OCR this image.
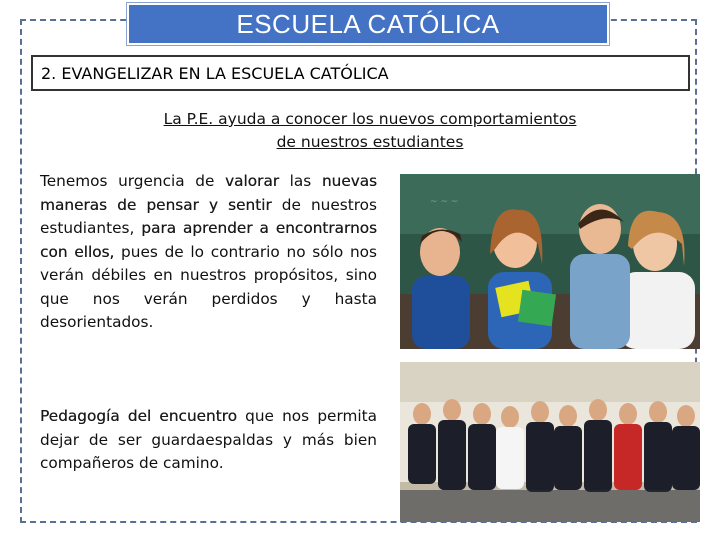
ESCUELA CATÓLICA
2. EVANGELIZAR EN LA ESCUELA CATÓLICA
La P.E. ayuda a conocer los nuevos comportamientos
de nuestros estudiantes
Tenemos urgencia de valorar las nuevas maneras de pensar y sentir de nuestros estudiantes, para aprender a encontrarnos con ellos, pues de lo contrario no sólo nos verán débiles en nuestros propósitos, sino que nos verán perdidos y hasta desorientados.
Pedagogía del encuentro que nos permita dejar de ser guardaespaldas y más bien compañeros de camino.
~ ~ ~
